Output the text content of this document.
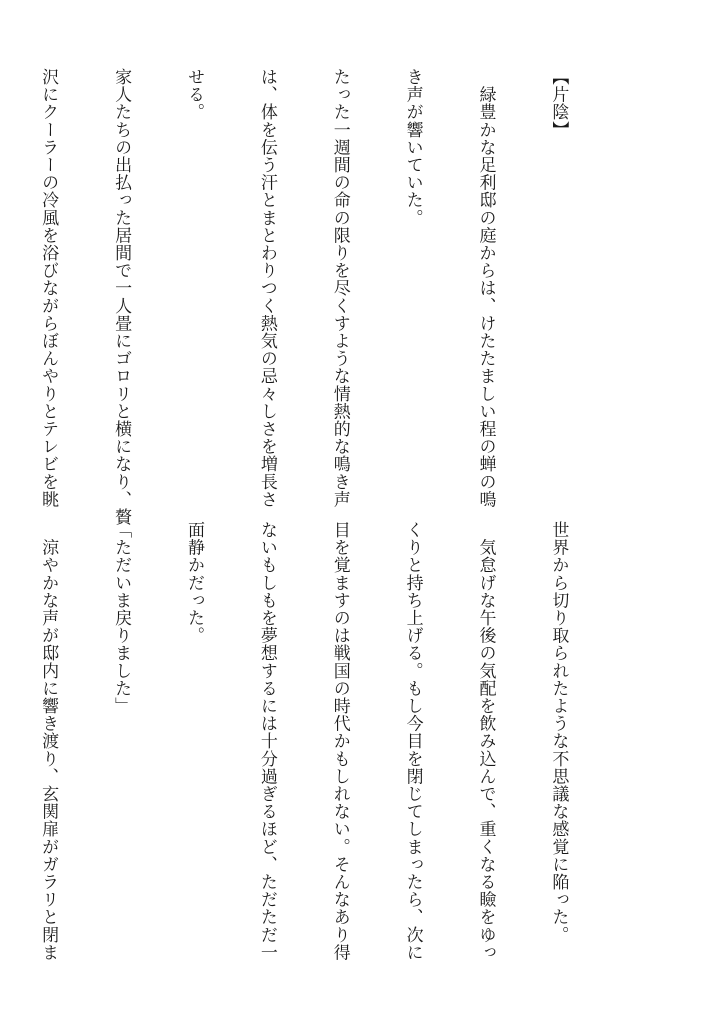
【片陰】

　緑豊かな足利邸の庭からは、けたたましい程の蝉の鳴

き声が響いていた。

たった一週間の命の限りを尽くすような情熱的な鳴き声

は、体を伝う汗とまとわりつく熱気の忌々しさを増長さ

せる。

家人たちの出払った居間で一人畳にゴロリと横になり、贅

沢にクーラーの冷風を浴びながらぼんやりとテレビを眺

世界から切り取られたような不思議な感覚に陥った。

　気怠げな午後の気配を飲み込んで、重くなる瞼をゆっ

くりと持ち上げる。もし今目を閉じてしまったら、次に

目を覚ますのは戦国の時代かもしれない。そんなあり得

ないもしもを夢想するには十分過ぎるほど、ただただ一

面静かだった。

「ただいま戻りました」

　涼やかな声が邸内に響き渡り、玄関扉がガラリと閉ま
